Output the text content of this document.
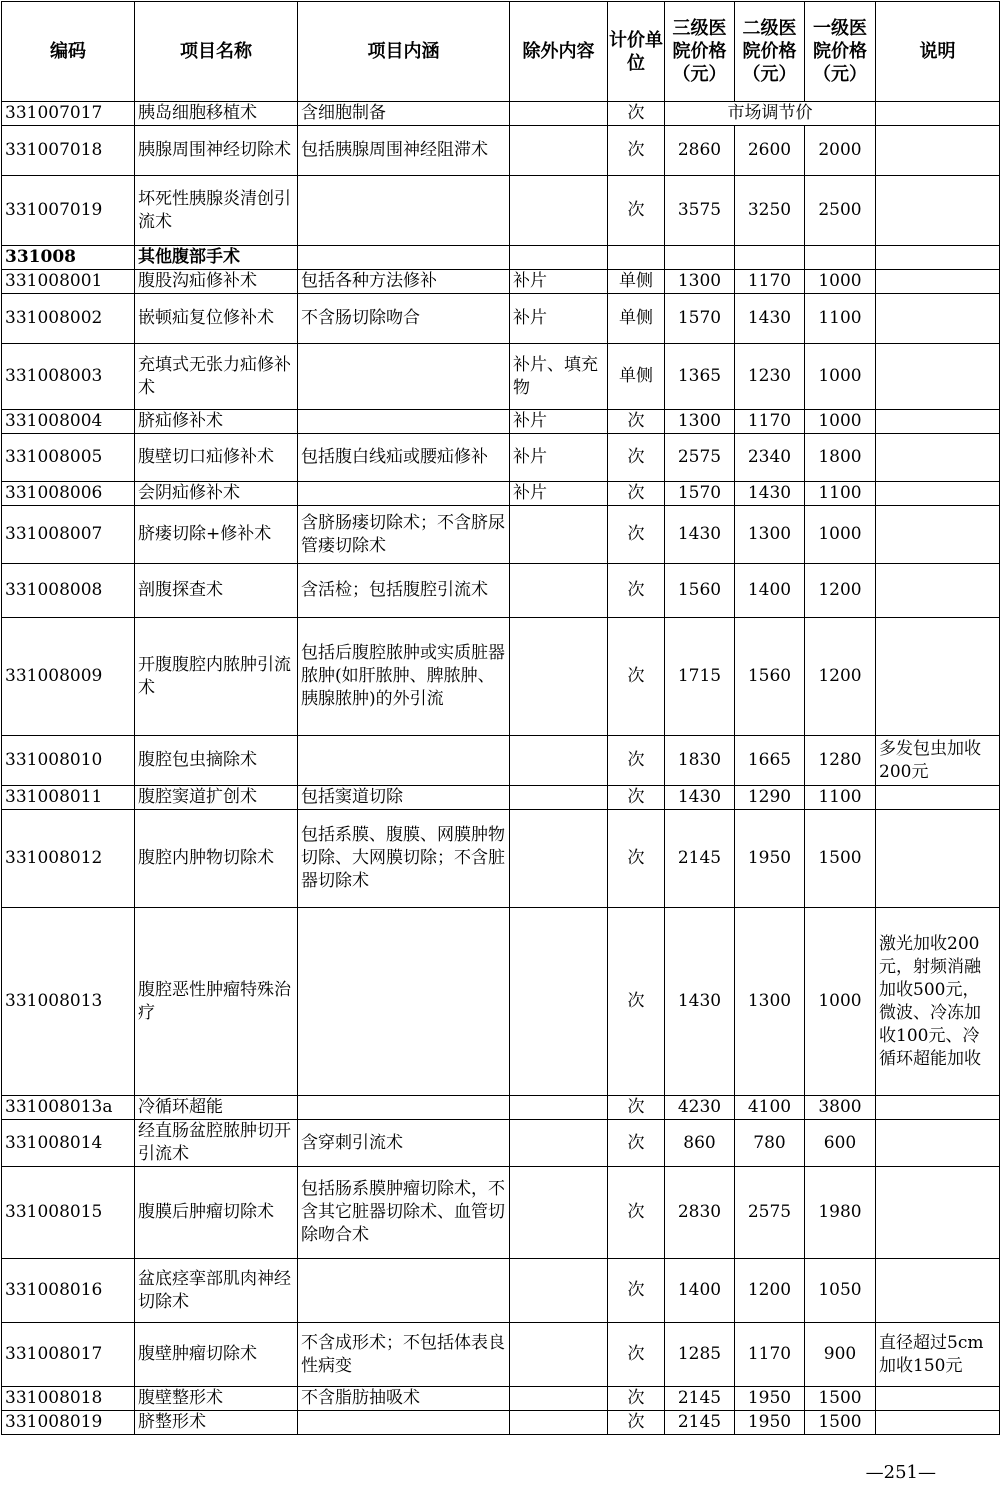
编码	项目名称	项目内涵	除外内容	计价单位	三级医院价格（元）	二级医院价格（元）	一级医院价格（元）	说明
331007017	胰岛细胞移植术	含细胞制备		次	市场调节价			
331007018	胰腺周围神经切除术	包括胰腺周围神经阻滞术		次	2860	2600	2000	
331007019	坏死性胰腺炎清创引流术			次	3575	3250	2500	
331008	其他腹部手术							
331008001	腹股沟疝修补术	包括各种方法修补	补片	单侧	1300	1170	1000	
331008002	嵌顿疝复位修补术	不含肠切除吻合	补片	单侧	1570	1430	1100	
331008003	充填式无张力疝修补术		补片、填充物	单侧	1365	1230	1000	
331008004	脐疝修补术		补片	次	1300	1170	1000	
331008005	腹壁切口疝修补术	包括腹白线疝或腰疝修补	补片	次	2575	2340	1800	
331008006	会阴疝修补术		补片	次	1570	1430	1100	
331008007	脐瘘切除+修补术	含脐肠瘘切除术；不含脐尿管瘘切除术		次	1430	1300	1000	
331008008	剖腹探查术	含活检；包括腹腔引流术		次	1560	1400	1200	
331008009	开腹腹腔内脓肿引流术	包括后腹腔脓肿或实质脏器脓肿(如肝脓肿、脾脓肿、胰腺脓肿)的外引流		次	1715	1560	1200	
331008010	腹腔包虫摘除术			次	1830	1665	1280	多发包虫加收200元
331008011	腹腔窦道扩创术	包括窦道切除		次	1430	1290	1100	
331008012	腹腔内肿物切除术	包括系膜、腹膜、网膜肿物切除、大网膜切除；不含脏器切除术		次	2145	1950	1500	
331008013	腹腔恶性肿瘤特殊治疗			次	1430	1300	1000	激光加收200元，射频消融加收500元，微波、冷冻加收100元、冷循环超能加收
331008013a	冷循环超能			次	4230	4100	3800	
331008014	经直肠盆腔脓肿切开引流术	含穿刺引流术		次	860	780	600	
331008015	腹膜后肿瘤切除术	包括肠系膜肿瘤切除术，不含其它脏器切除术、血管切除吻合术		次	2830	2575	1980	
331008016	盆底痉挛部肌肉神经切除术			次	1400	1200	1050	
331008017	腹壁肿瘤切除术	不含成形术；不包括体表良性病变		次	1285	1170	900	直径超过5cm加收150元
331008018	腹壁整形术	不含脂肪抽吸术		次	2145	1950	1500	
331008019	脐整形术			次	2145	1950	1500	
—251—
